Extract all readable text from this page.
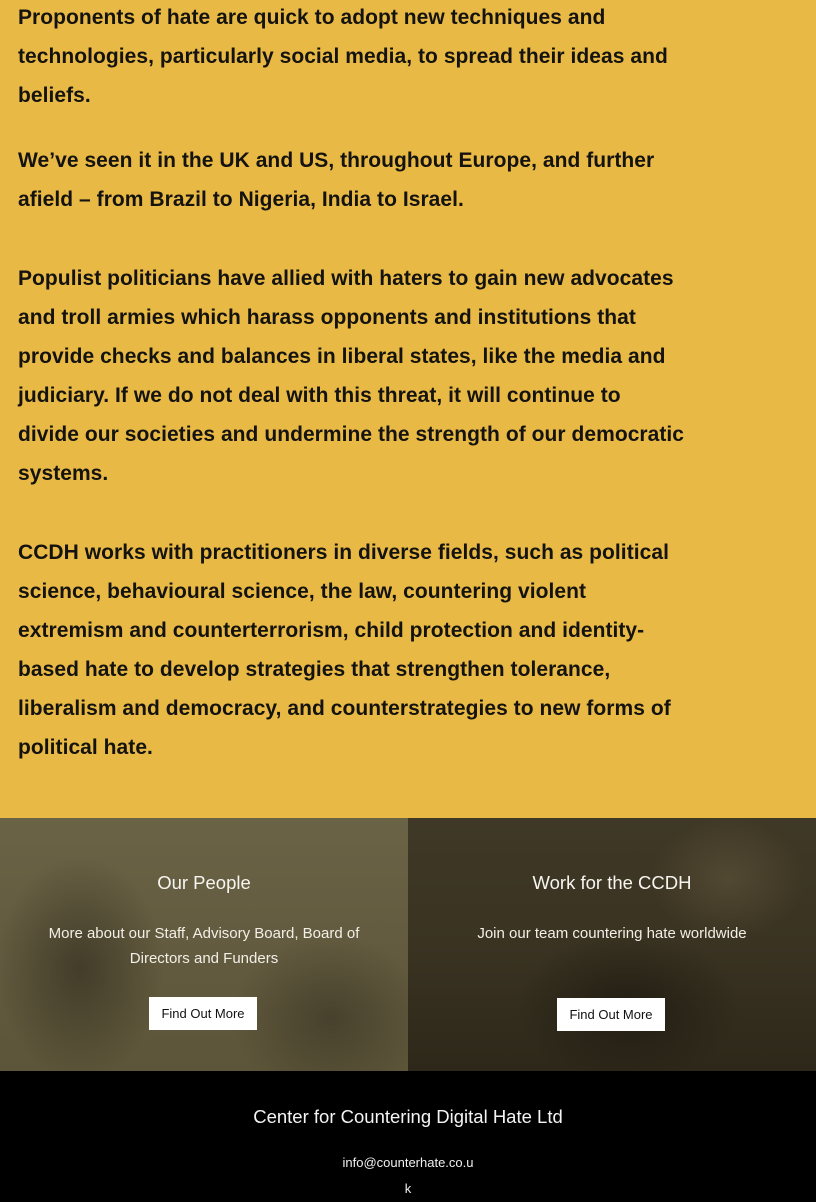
Proponents of hate are quick to adopt new techniques and technologies, particularly social media, to spread their ideas and beliefs.

We’ve seen it in the UK and US, throughout Europe, and further afield – from Brazil to Nigeria, India to Israel.

Populist politicians have allied with haters to gain new advocates and troll armies which harass opponents and institutions that provide checks and balances in liberal states, like the media and judiciary. If we do not deal with this threat, it will continue to divide our societies and undermine the strength of our democratic systems.

CCDH works with practitioners in diverse fields, such as political science, behavioural science, the law, countering violent extremism and counterterrorism, child protection and identity-based hate to develop strategies that strengthen tolerance, liberalism and democracy, and counterstrategies to new forms of political hate.

Our People
More about our Staff, Advisory Board, Board of Directors and Funders
Find Out More
Work for the CCDH
Join our team countering hate worldwide
Find Out More
Center for Countering Digital Hate Ltd
info@counterhate.co.uk
